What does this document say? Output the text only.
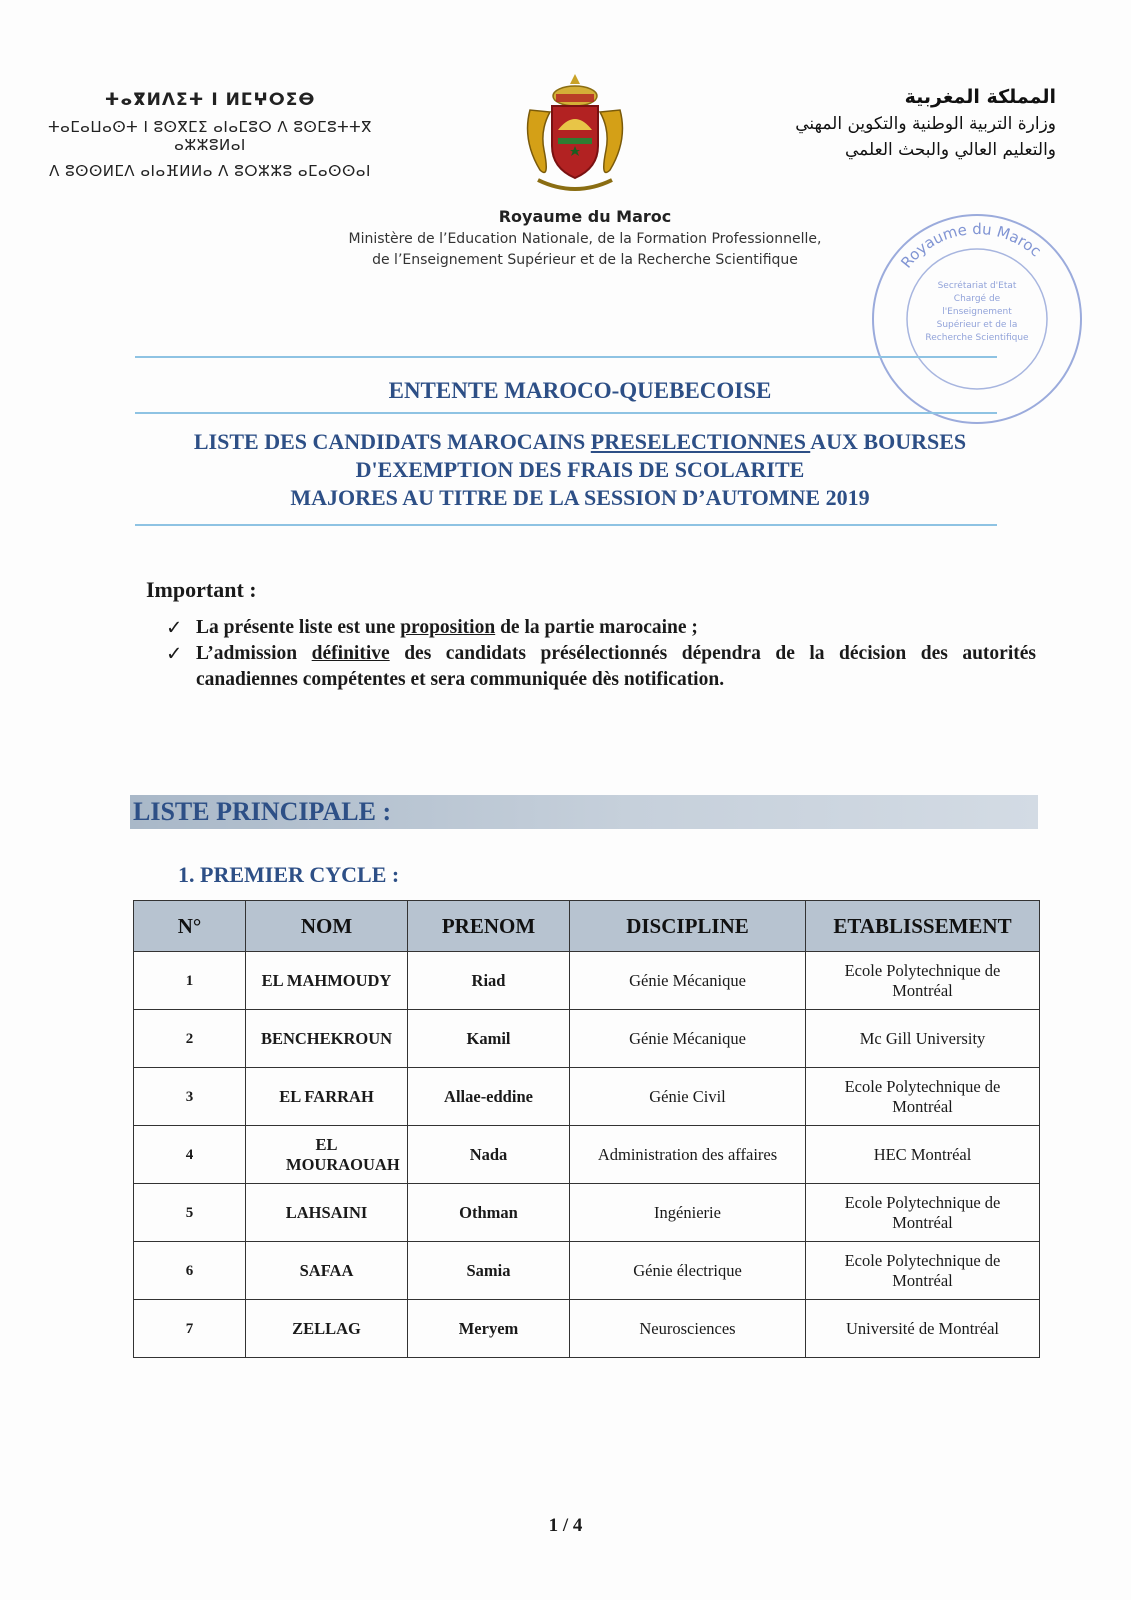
ⵜⴰⴳⵍⴷⵉⵜ ⵏ ⵍⵎⵖⵔⵉⴱ
ⵜⴰⵎⴰⵡⴰⵙⵜ ⵏ ⵓⵙⴳⵎⵉ ⴰⵏⴰⵎⵓⵔ ⴷ ⵓⵙⵎⵓⵜⵜⴳ ⴰⵣⵣⵓⵍⴰⵏ
ⴷ ⵓⵙⵙⵍⵎⴷ ⴰⵏⴰⴼⵍⵍⴰ ⴷ ⵓⵔⵣⵣⵓ ⴰⵎⴰⵙⵙⴰⵏ
المملكة المغربية
وزارة التربية الوطنية والتكوين المهني
والتعليم العالي والبحث العلمي
Royaume du Maroc
Ministère de l’Education Nationale, de la Formation Professionnelle,
de l’Enseignement Supérieur et de la Recherche Scientifique	Royaume du Maroc
Secrétariat d'Etat Chargé de l'Enseignement Supérieur et de la Recherche Scientifique
ENTENTE MAROCO-QUEBECOISE
LISTE DES CANDIDATS MAROCAINS PRESELECTIONNES AUX BOURSES
D'EXEMPTION DES FRAIS DE SCOLARITE
MAJORES AU TITRE DE LA SESSION D’AUTOMNE 2019
Important :
✓ La présente liste est une proposition de la partie marocaine ;
✓ L’admission définitive des candidats présélectionnés dépendra de la décision des autorités canadiennes compétentes et sera communiquée dès notification.
LISTE PRINCIPALE :
1. PREMIER CYCLE :
N°	NOM	PRENOM	DISCIPLINE	ETABLISSEMENT
1	EL MAHMOUDY	Riad	Génie Mécanique	Ecole Polytechnique de Montréal
2	BENCHEKROUN	Kamil	Génie Mécanique	Mc Gill University
3	EL FARRAH	Allae-eddine	Génie Civil	Ecole Polytechnique de Montréal
4	EL MOURAOUAH	Nada	Administration des affaires	HEC Montréal
5	LAHSAINI	Othman	Ingénierie	Ecole Polytechnique de Montréal
6	SAFAA	Samia	Génie électrique	Ecole Polytechnique de Montréal
7	ZELLAG	Meryem	Neurosciences	Université de Montréal
1 / 4
